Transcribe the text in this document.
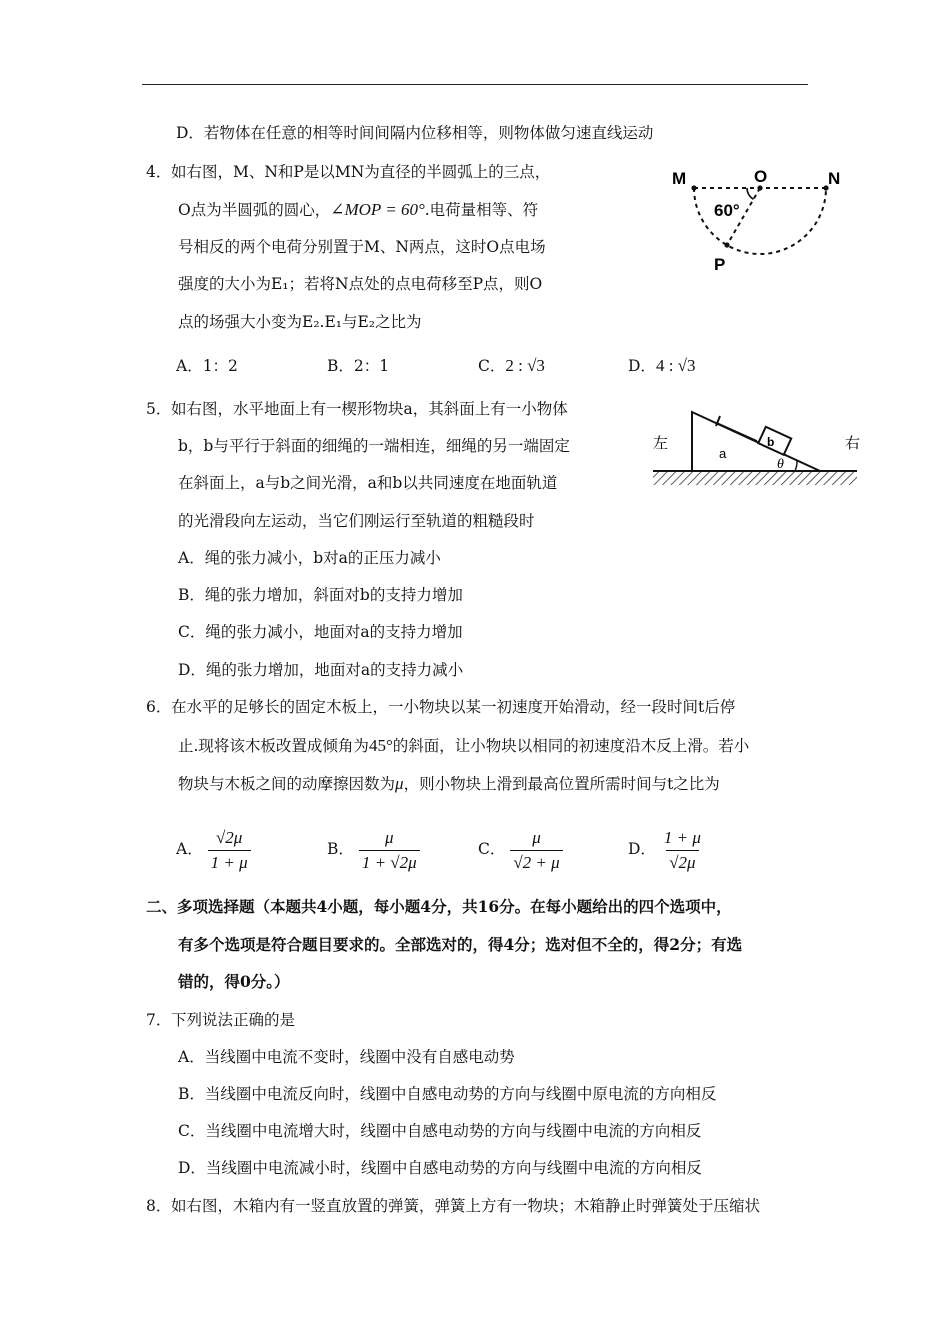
D．若物体在任意的相等时间间隔内位移相等，则物体做匀速直线运动
4． 如右图，M、N和P是以MN为直径的半圆弧上的三点，
O点为半圆弧的圆心，∠MOP = 60°.电荷量相等、符
号相反的两个电荷分别置于M、N两点，这时O点电场
强度的大小为E₁；若将N点处的点电荷移至P点，则O
点的场强大小变为E₂.E₁与E₂之比为
A．1：2	B．2：1	C．2 : √3	D．4 : √3
M	O	N
P
60°
5． 如右图，水平地面上有一楔形物块a，其斜面上有一小物体
b，b与平行于斜面的细绳的一端相连，细绳的另一端固定
在斜面上，a与b之间光滑，a和b以共同速度在地面轨道
的光滑段向左运动，当它们刚运行至轨道的粗糙段时
A．绳的张力减小，b对a的正压力减小
B．绳的张力增加，斜面对b的支持力增加
C．绳的张力减小，地面对a的支持力增加
D．绳的张力增加，地面对a的支持力减小
左	右
a
b
θ
6． 在水平的足够长的固定木板上，一小物块以某一初速度开始滑动，经一段时间t后停
止.现将该木板改置成倾角为45°的斜面，让小物块以相同的初速度沿木反上滑。若小
物块与木板之间的动摩擦因数为μ，则小物块上滑到最高位置所需时间与t之比为
A． $\frac{√2\mu}{1 + \mu}$	B． $\frac{\mu}{1 + √2\mu}$	C． $\frac{\mu}{√2 + \mu}$	D． $\frac{1 + \mu}{√2\mu}$
二、多项选择题（本题共4小题，每小题4分，共16分。在每小题给出的四个选项中，
有多个选项是符合题目要求的。全部选对的，得4分；选对但不全的，得2分；有选
错的，得0分。）
7． 下列说法正确的是
A．当线圈中电流不变时，线圈中没有自感电动势
B．当线圈中电流反向时，线圈中自感电动势的方向与线圈中原电流的方向相反
C．当线圈中电流增大时，线圈中自感电动势的方向与线圈中电流的方向相反
D．当线圈中电流减小时，线圈中自感电动势的方向与线圈中电流的方向相反
8． 如右图，木箱内有一竖直放置的弹簧，弹簧上方有一物块；木箱静止时弹簧处于压缩状
